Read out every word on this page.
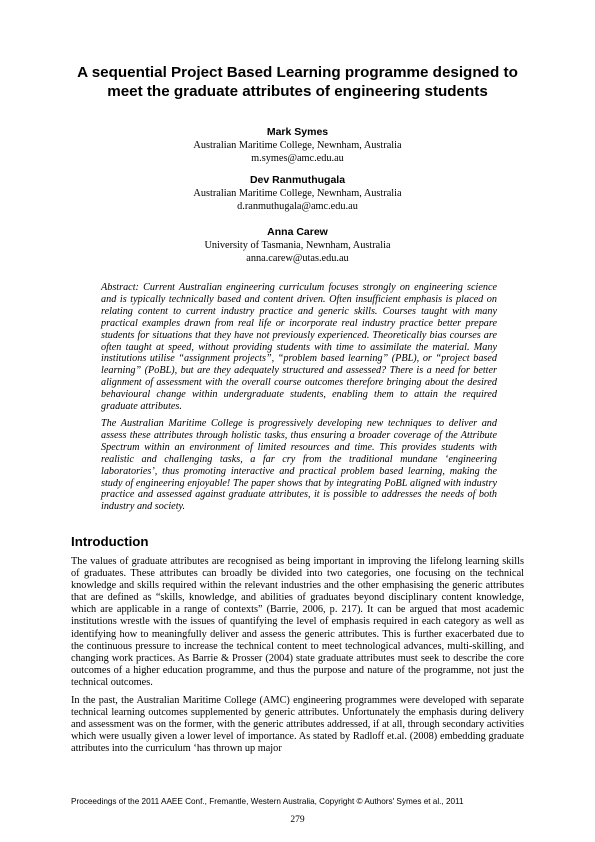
A sequential Project Based Learning programme designed to meet the graduate attributes of engineering students
Mark Symes
Australian Maritime College, Newnham, Australia
m.symes@amc.edu.au
Dev Ranmuthugala
Australian Maritime College, Newnham, Australia
d.ranmuthugala@amc.edu.au
Anna Carew
University of Tasmania, Newnham, Australia
anna.carew@utas.edu.au

Abstract: Current Australian engineering curriculum focuses strongly on engineering science and is typically technically based and content driven. Often insufficient emphasis is placed on relating content to current industry practice and generic skills. Courses taught with many practical examples drawn from real life or incorporate real industry practice better prepare students for situations that they have not previously experienced. Theoretically bias courses are often taught at speed, without providing students with time to assimilate the material. Many institutions utilise “assignment projects”, “problem based learning” (PBL), or “project based learning” (PoBL), but are they adequately structured and assessed? There is a need for better alignment of assessment with the overall course outcomes therefore bringing about the desired behavioural change within undergraduate students, enabling them to attain the required graduate attributes.

The Australian Maritime College is progressively developing new techniques to deliver and assess these attributes through holistic tasks, thus ensuring a broader coverage of the Attribute Spectrum within an environment of limited resources and time. This provides students with realistic and challenging tasks, a far cry from the traditional mundane ‘engineering laboratories’, thus promoting interactive and practical problem based learning, making the study of engineering enjoyable! The paper shows that by integrating PoBL aligned with industry practice and assessed against graduate attributes, it is possible to addresses the needs of both industry and society.

Introduction

The values of graduate attributes are recognised as being important in improving the lifelong learning skills of graduates. These attributes can broadly be divided into two categories, one focusing on the technical knowledge and skills required within the relevant industries and the other emphasising the generic attributes that are defined as “skills, knowledge, and abilities of graduates beyond disciplinary content knowledge, which are applicable in a range of contexts” (Barrie, 2006, p. 217). It can be argued that most academic institutions wrestle with the issues of quantifying the level of emphasis required in each category as well as identifying how to meaningfully deliver and assess the generic attributes. This is further exacerbated due to the continuous pressure to increase the technical content to meet technological advances, multi-skilling, and changing work practices. As Barrie & Prosser (2004) state graduate attributes must seek to describe the core outcomes of a higher education programme, and thus the purpose and nature of the programme, not just the technical outcomes.

In the past, the Australian Maritime College (AMC) engineering programmes were developed with separate technical learning outcomes supplemented by generic attributes. Unfortunately the emphasis during delivery and assessment was on the former, with the generic attributes addressed, if at all, through secondary activities which were usually given a lower level of importance. As stated by Radloff et.al. (2008) embedding graduate attributes into the curriculum ‘has thrown up major

Proceedings of the 2011 AAEE Conf., Fremantle, Western Australia, Copyright © Authors' Symes et al., 2011
279
